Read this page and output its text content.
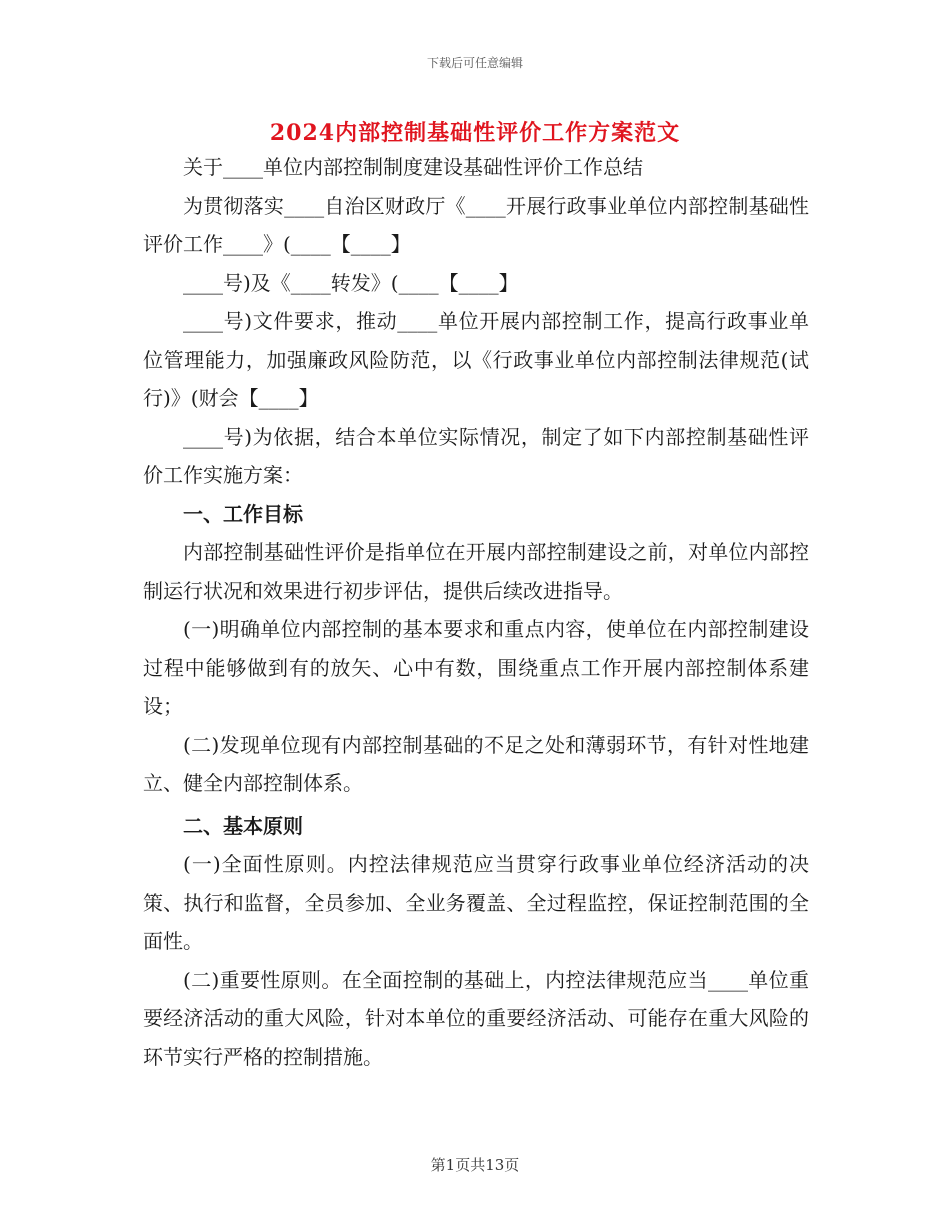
下载后可任意编辑
2024内部控制基础性评价工作方案范文

关于____单位内部控制制度建设基础性评价工作总结

为贯彻落实____自治区财政厅《____开展行政事业单位内部控制基础性评价工作____》(____【____】

____号)及《____转发》(____【____】

____号)文件要求，推动____单位开展内部控制工作，提高行政事业单位管理能力，加强廉政风险防范，以《行政事业单位内部控制法律规范(试行)》(财会【____】

____号)为依据，结合本单位实际情况，制定了如下内部控制基础性评价工作实施方案：

一、工作目标

内部控制基础性评价是指单位在开展内部控制建设之前，对单位内部控制运行状况和效果进行初步评估，提供后续改进指导。

(一)明确单位内部控制的基本要求和重点内容，使单位在内部控制建设过程中能够做到有的放矢、心中有数，围绕重点工作开展内部控制体系建设；

(二)发现单位现有内部控制基础的不足之处和薄弱环节，有针对性地建立、健全内部控制体系。

二、基本原则

(一)全面性原则。内控法律规范应当贯穿行政事业单位经济活动的决策、执行和监督，全员参加、全业务覆盖、全过程监控，保证控制范围的全面性。

(二)重要性原则。在全面控制的基础上，内控法律规范应当____单位重要经济活动的重大风险，针对本单位的重要经济活动、可能存在重大风险的环节实行严格的控制措施。

第1页共13页
